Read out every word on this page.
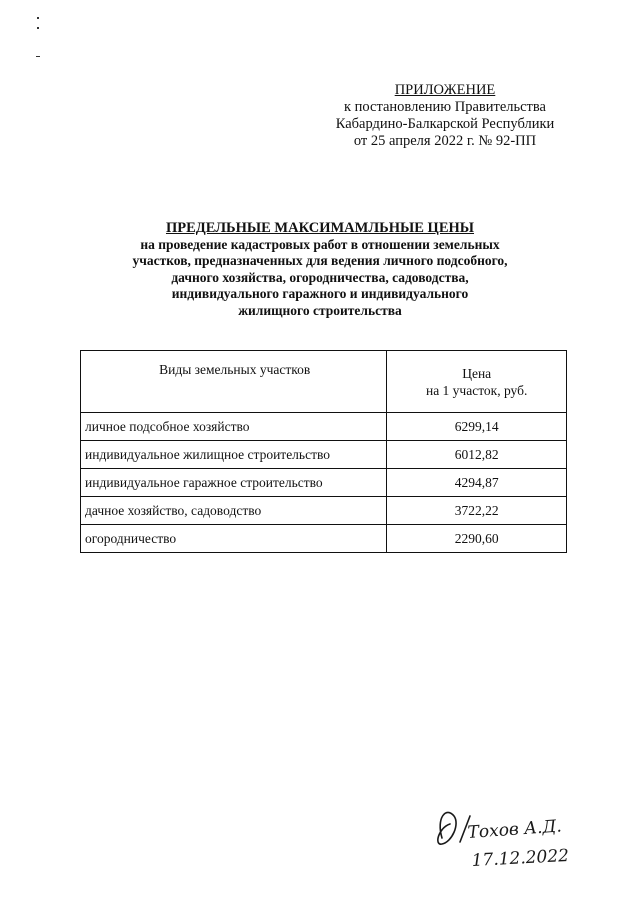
ПРИЛОЖЕНИЕ
к постановлению Правительства
Кабардино-Балкарской Республики
от 25 апреля 2022 г. № 92-ПП
ПРЕДЕЛЬНЫЕ МАКСИМАМЛЬНЫЕ ЦЕНЫ
на проведение кадастровых работ в отношении земельных
участков, предназначенных для ведения личного подсобного,
дачного хозяйства, огородничества, садоводства,
индивидуального гаражного и индивидуального
жилищного строительства
Виды земельных участков	Цена
на 1 участок, руб.

личное подсобное хозяйство	6299,14
индивидуальное жилищное строительство	6012,82
индивидуальное гаражное строительство	4294,87
дачное хозяйство, садоводство	3722,22
огородничество	2290,60
Тохов А.Д.
17.12.2022
